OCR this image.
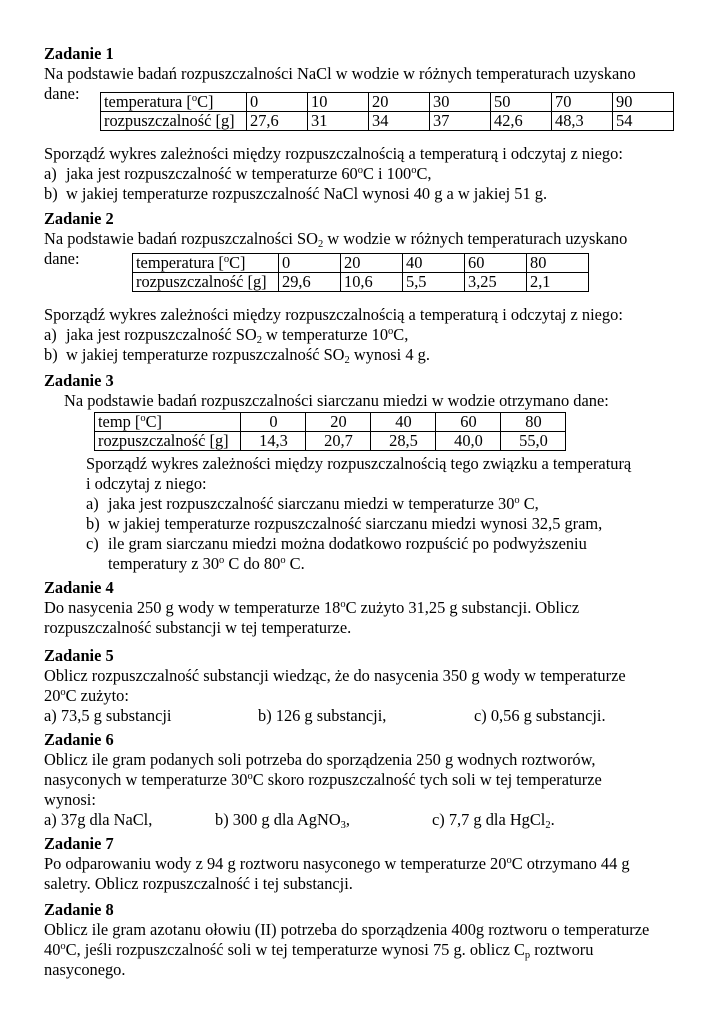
Zadanie 1
Na podstawie badań rozpuszczalności NaCl w wodzie w różnych temperaturach uzyskano
dane:	temperatura [$^o$C]	0	10	20	30	50	70	90
rozpuszczalność [g]	27,6	31	34	37	42,6	48,3	54
Sporządź wykres zależności między rozpuszczalnością a temperaturą i odczytaj z niego:
a) jaka jest rozpuszczalność w temperaturze 60$^o$C i 100$^o$C,
b) w jakiej temperaturze rozpuszczalność NaCl wynosi 40 g a w jakiej 51 g.
Zadanie 2
Na podstawie badań rozpuszczalności $SO_2$ w wodzie w różnych temperaturach uzyskano
dane:	temperatura [$^o$C]	0	20	40	60	80
rozpuszczalność [g]	29,6	10,6	5,5	3,25	2,1
Sporządź wykres zależności między rozpuszczalnością a temperaturą i odczytaj z niego:
a) jaka jest rozpuszczalność $SO_2$ w temperaturze 10$^o$C,
b) w jakiej temperaturze rozpuszczalność $SO_2$ wynosi 4 g.
Zadanie 3
Na podstawie badań rozpuszczalności siarczanu miedzi w wodzie otrzymano dane:
temp [$^o$C]	0	20	40	60	80
rozpuszczalność [g]	14,3	20,7	28,5	40,0	55,0
Sporządź wykres zależności między rozpuszczalnością tego związku a temperaturą
i odczytaj z niego:
a) jaka jest rozpuszczalność siarczanu miedzi w temperaturze 30$^o$ C,
b) w jakiej temperaturze rozpuszczalność siarczanu miedzi wynosi 32,5 gram,
c) ile gram siarczanu miedzi można dodatkowo rozpuścić po podwyższeniu
temperatury z 30$^o$ C do 80$^o$ C.
Zadanie 4
Do nasycenia 250 g wody w temperaturze 18$^o$C zużyto 31,25 g substancji. Oblicz
rozpuszczalność substancji w tej temperaturze.
Zadanie 5
Oblicz rozpuszczalność substancji wiedząc, że do nasycenia 350 g wody w temperaturze
20$^o$C zużyto:
a) 73,5 g substancji	b) 126 g substancji,	c) 0,56 g substancji.
Zadanie 6
Oblicz ile gram podanych soli potrzeba do sporządzenia 250 g wodnych roztworów,
nasyconych w temperaturze 30$^o$C skoro rozpuszczalność tych soli w tej temperaturze
wynosi:
a) 37g dla NaCl,	b) 300 g dla AgNO$_3$,	c) 7,7 g dla HgCl$_2$.
Zadanie 7
Po odparowaniu wody z 94 g roztworu nasyconego w temperaturze 20$^o$C otrzymano 44 g
saletry. Oblicz rozpuszczalność i tej substancji.
Zadanie 8
Oblicz ile gram azotanu ołowiu (II) potrzeba do sporządzenia 400g roztworu o temperaturze
40$^o$C, jeśli rozpuszczalność soli w tej temperaturze wynosi 75 g. oblicz $C_p$ roztworu
nasyconego.
